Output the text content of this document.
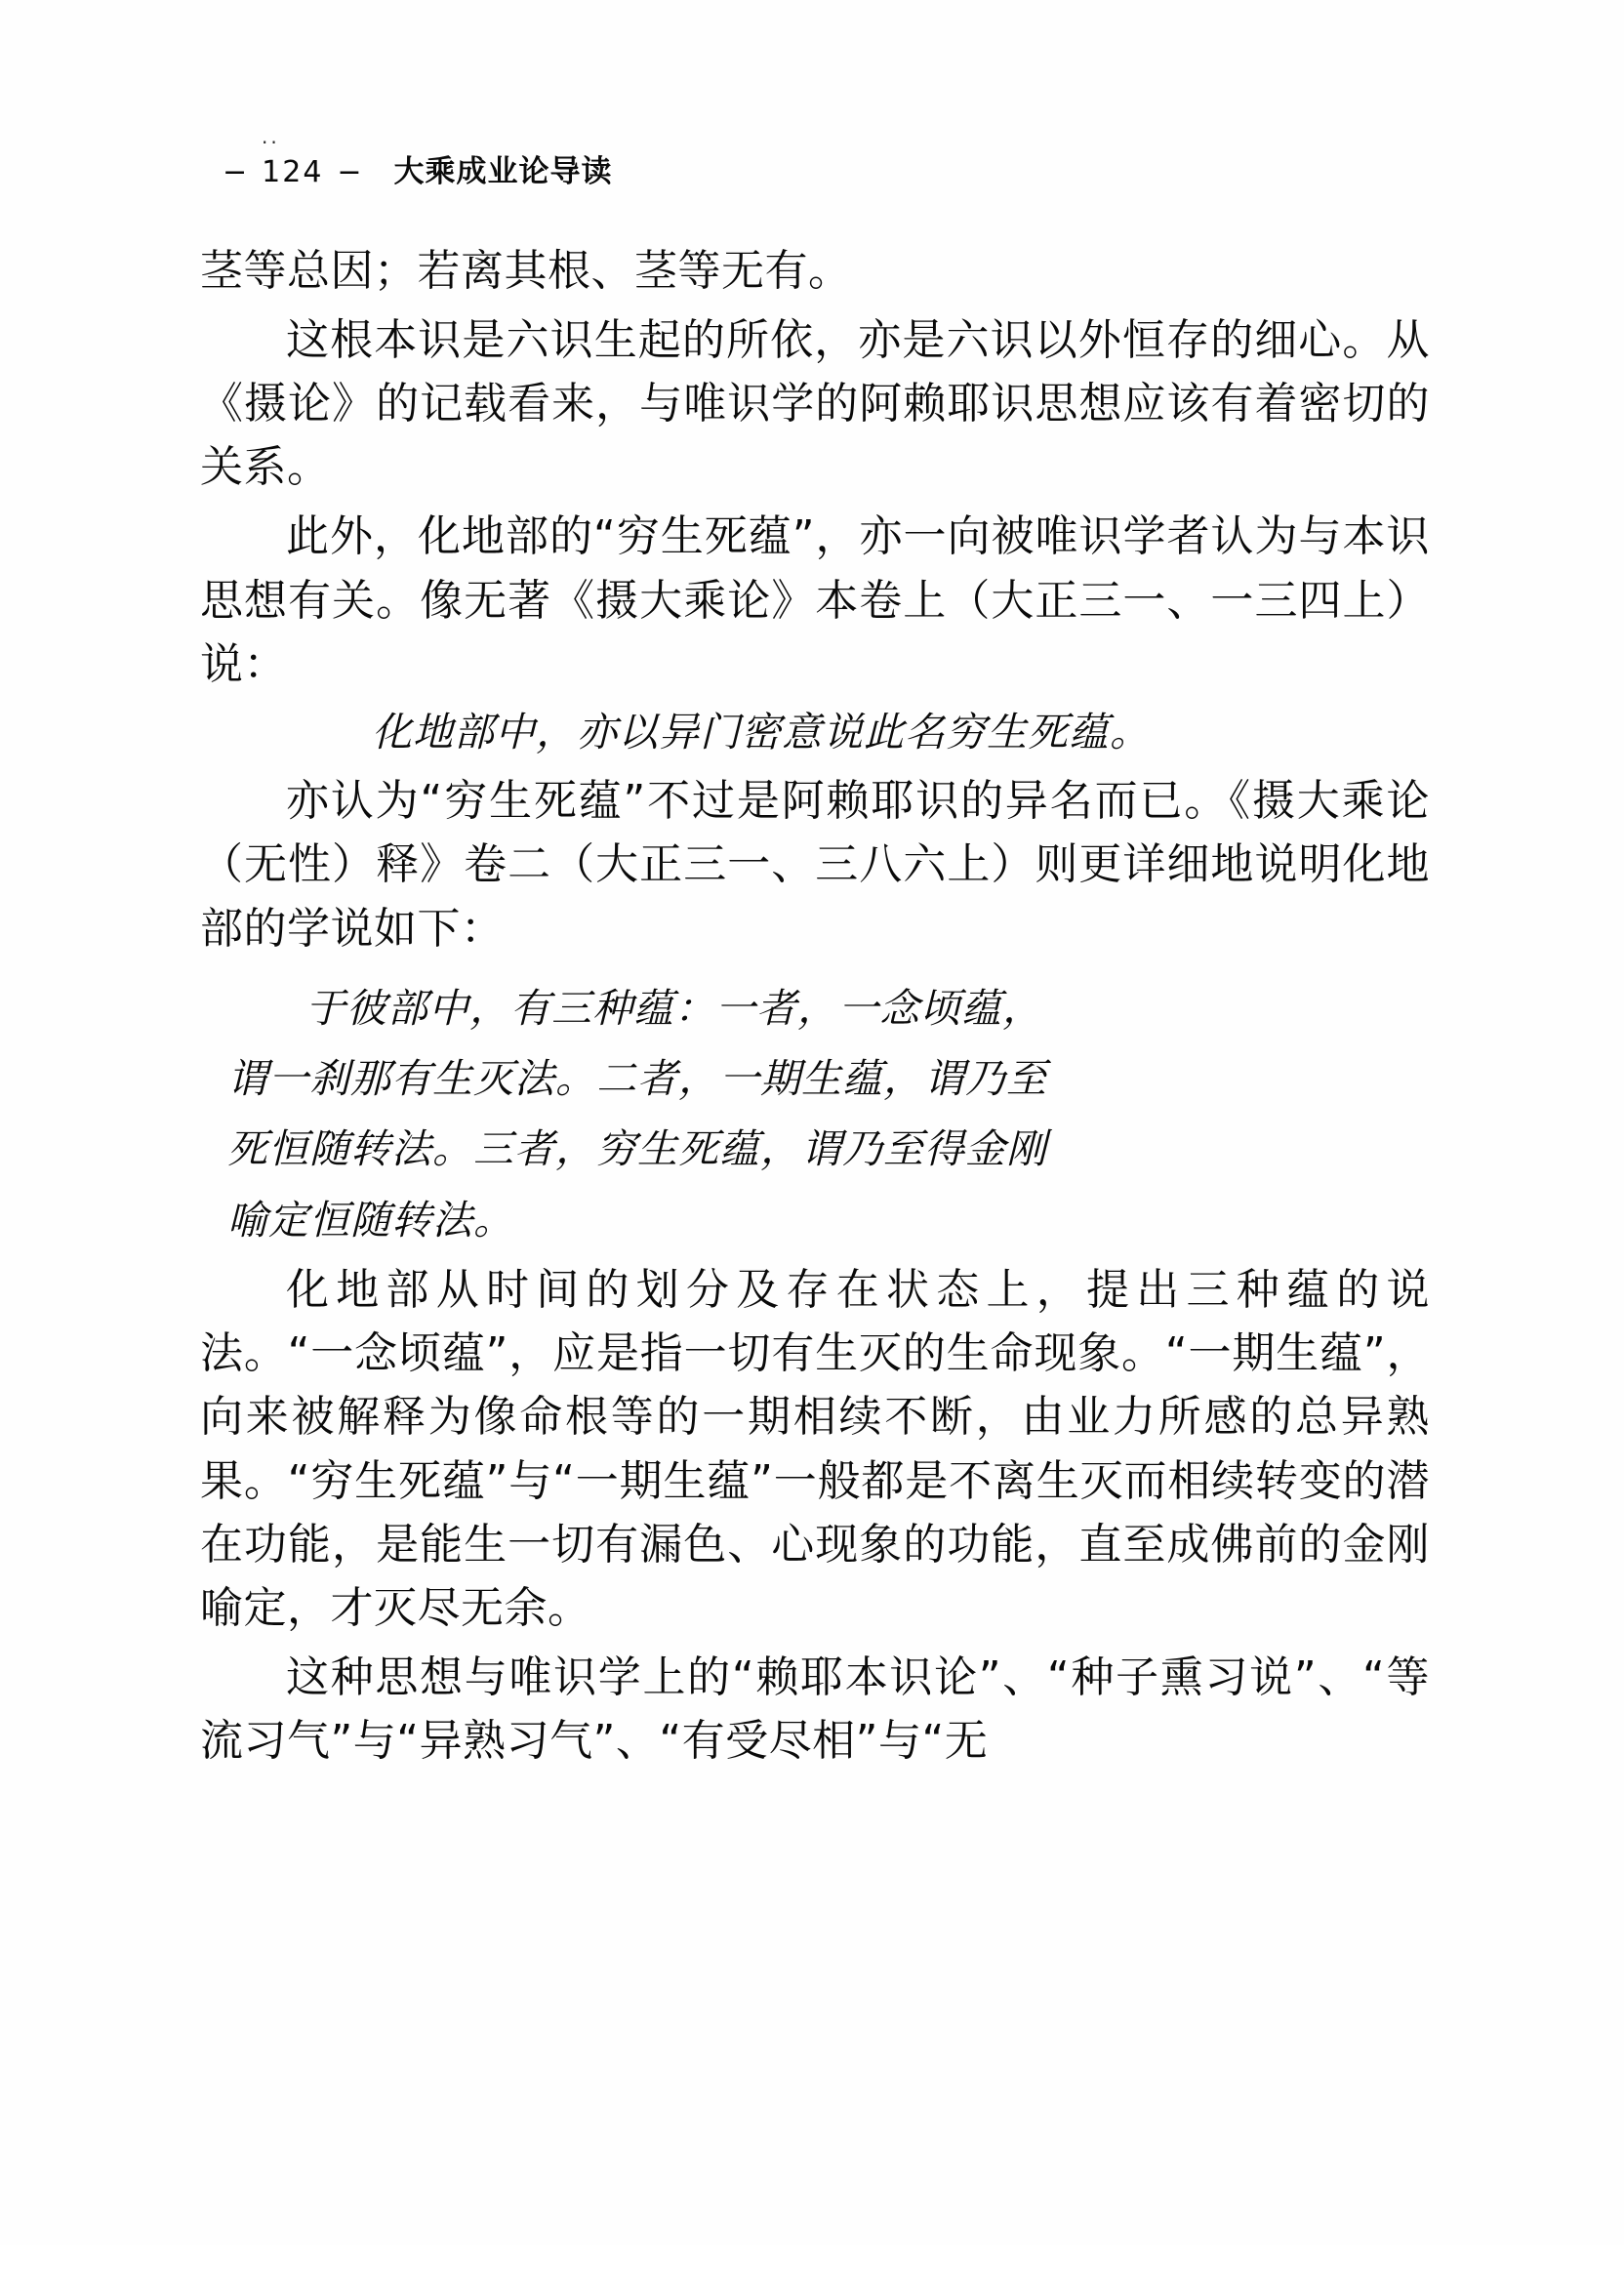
..
− 124 − 大乘成业论导读

茎等总因；若离其根、茎等无有。

这根本识是六识生起的所依，亦是六识以外恒存的细心。从《摄论》的记载看来，与唯识学的阿赖耶识思想应该有着密切的关系。

此外，化地部的“穷生死蕴”，亦一向被唯识学者认为与本识思想有关。像无著《摄大乘论》本卷上（大正三一、一三四上）说：

化地部中，亦以异门密意说此名穷生死蕴。

亦认为“穷生死蕴”不过是阿赖耶识的异名而已。《摄大乘论（无性）释》卷二（大正三一、三八六上）则更详细地说明化地部的学说如下：

于彼部中，有三种蕴：一者，一念顷蕴，

谓一刹那有生灭法。二者，一期生蕴，谓乃至

死恒随转法。三者，穷生死蕴，谓乃至得金刚

喻定恒随转法。

化地部从时间的划分及存在状态上，提出三种蕴的说法。“一念顷蕴”，应是指一切有生灭的生命现象。“一期生蕴”，向来被解释为像命根等的一期相续不断，由业力所感的总异熟果。“穷生死蕴”与“一期生蕴”一般都是不离生灭而相续转变的潜在功能，是能生一切有漏色、心现象的功能，直至成佛前的金刚喻定，才灭尽无余。

这种思想与唯识学上的“赖耶本识论”、“种子熏习说”、“等流习气”与“异熟习气”、“有受尽相”与“无
